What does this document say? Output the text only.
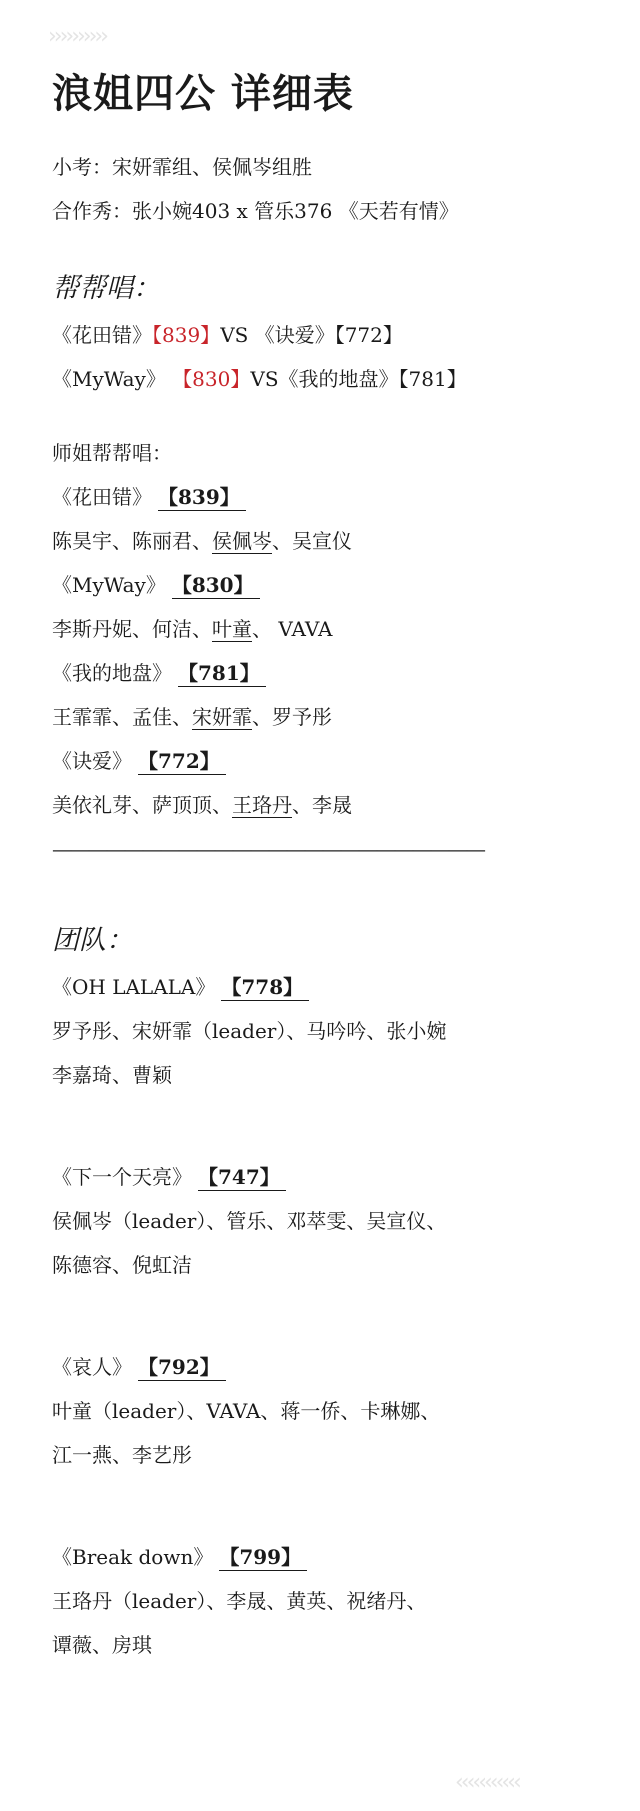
››››››››››
浪姐四公 详细表
小考：宋妍霏组、侯佩岑组胜
合作秀：张小婉403 x 管乐376 《天若有情》
帮帮唱：
《花田错》【839】VS 《诀爱》【772】
《MyWay》 【830】VS《我的地盘》【781】
师姐帮帮唱：
《花田错》 【839】
陈昊宇、陈丽君、侯佩岑、吴宣仪
《MyWay》 【830】
李斯丹妮、何洁、叶童、 VAVA
《我的地盘》 【781】
王霏霏、孟佳、宋妍霏、罗予彤
《诀爱》 【772】
美依礼芽、萨顶顶、王珞丹、李晟
————————————————————————
团队：
《OH LALALA》 【778】
罗予彤、宋妍霏（leader）、马吟吟、张小婉
李嘉琦、曹颖
《下一个天亮》 【747】
侯佩岑（leader）、管乐、邓萃雯、吴宣仪、
陈德容、倪虹洁
《哀人》 【792】
叶童（leader）、VAVA、蒋一侨、卡琳娜、
江一燕、李艺彤
《Break down》 【799】
王珞丹（leader）、李晟、黄英、祝绪丹、
谭薇、房琪
‹‹‹‹‹‹‹‹‹‹‹
